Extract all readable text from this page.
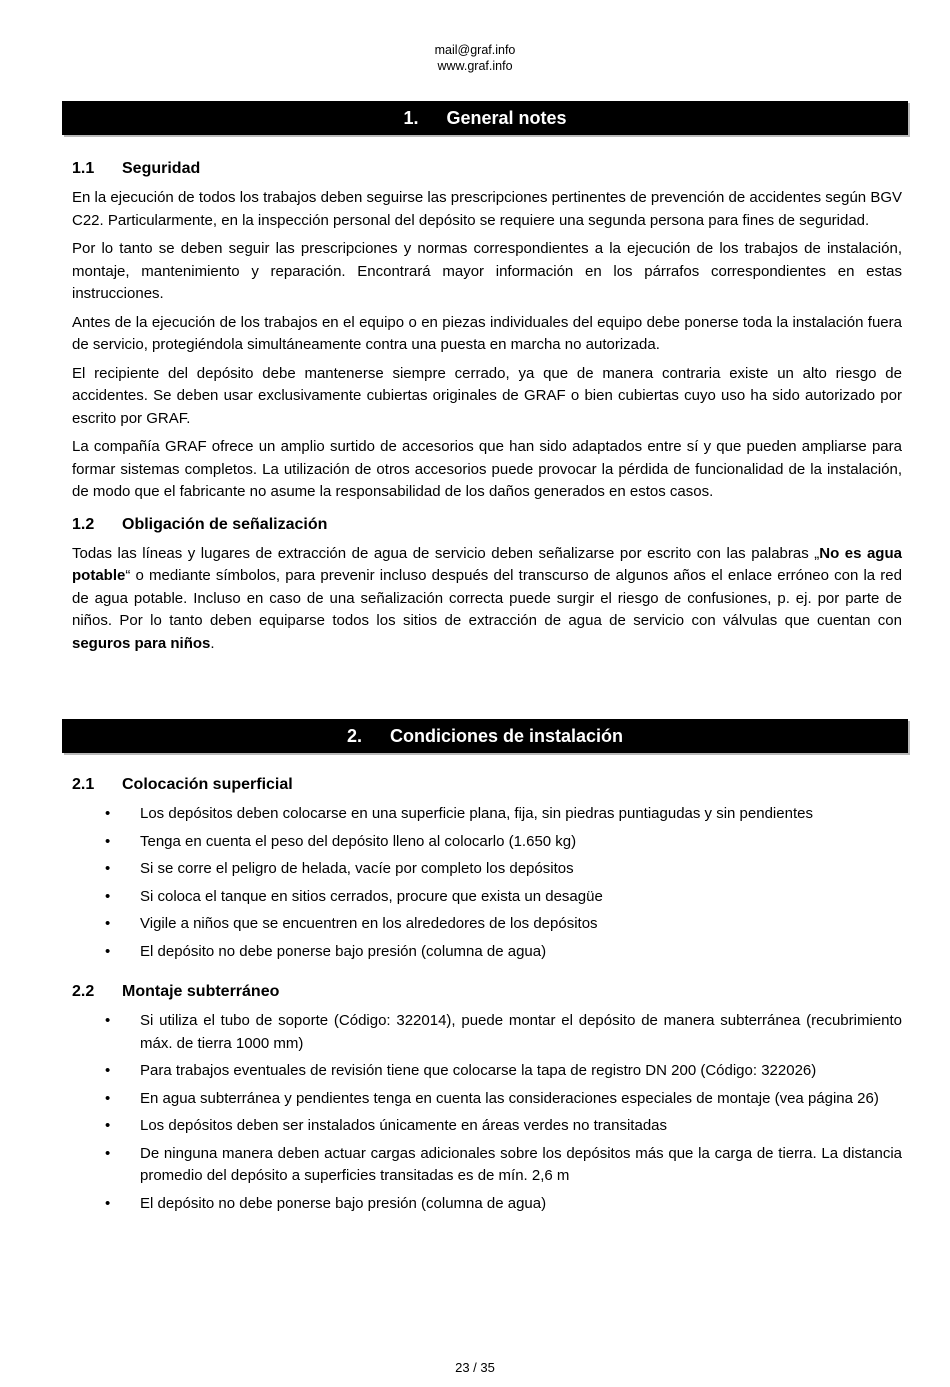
mail@graf.info
www.graf.info
1. General notes
1.1 Seguridad

En la ejecución de todos los trabajos deben seguirse las prescripciones pertinentes de prevención de accidentes según BGV C22. Particularmente, en la inspección personal del depósito se requiere una segunda persona para fines de seguridad.

Por lo tanto se deben seguir las prescripciones y normas correspondientes a la ejecución de los trabajos de instalación, montaje, mantenimiento y reparación. Encontrará mayor información en los párrafos correspondientes en estas instrucciones.

Antes de la ejecución de los trabajos en el equipo o en piezas individuales del equipo debe ponerse toda la instalación fuera de servicio, protegiéndola simultáneamente contra una puesta en marcha no autorizada.

El recipiente del depósito debe mantenerse siempre cerrado, ya que de manera contraria existe un alto riesgo de accidentes. Se deben usar exclusivamente cubiertas originales de GRAF o bien cubiertas cuyo uso ha sido autorizado por escrito por GRAF.

La compañía GRAF ofrece un amplio surtido de accesorios que han sido adaptados entre sí y que pueden ampliarse para formar sistemas completos. La utilización de otros accesorios puede provocar la pérdida de funcionalidad de la instalación, de modo que el fabricante no asume la responsabilidad de los daños generados en estos casos.

1.2 Obligación de señalización

Todas las líneas y lugares de extracción de agua de servicio deben señalizarse por escrito con las palabras „No es agua potable“ o mediante símbolos, para prevenir incluso después del transcurso de algunos años el enlace erróneo con la red de agua potable. Incluso en caso de una señalización correcta puede surgir el riesgo de confusiones, p. ej. por parte de niños. Por lo tanto deben equiparse todos los sitios de extracción de agua de servicio con válvulas que cuentan con seguros para niños.

2. Condiciones de instalación
2.1 Colocación superficial
• Los depósitos deben colocarse en una superficie plana, fija, sin piedras puntiagudas y sin pendientes
• Tenga en cuenta el peso del depósito lleno al colocarlo (1.650 kg)
• Si se corre el peligro de helada, vacíe por completo los depósitos
• Si coloca el tanque en sitios cerrados, procure que exista un desagüe
• Vigile a niños que se encuentren en los alrededores de los depósitos
• El depósito no debe ponerse bajo presión (columna de agua)
2.2 Montaje subterráneo
• Si utiliza el tubo de soporte (Código: 322014), puede montar el depósito de manera subterránea (recubrimiento máx. de tierra 1000 mm)
• Para trabajos eventuales de revisión tiene que colocarse la tapa de registro DN 200 (Código: 322026)
• En agua subterránea y pendientes tenga en cuenta las consideraciones especiales de montaje (vea página 26)
• Los depósitos deben ser instalados únicamente en áreas verdes no transitadas
• De ninguna manera deben actuar cargas adicionales sobre los depósitos más que la carga de tierra. La distancia promedio del depósito a superficies transitadas es de mín. 2,6 m
• El depósito no debe ponerse bajo presión (columna de agua)
23 / 35
